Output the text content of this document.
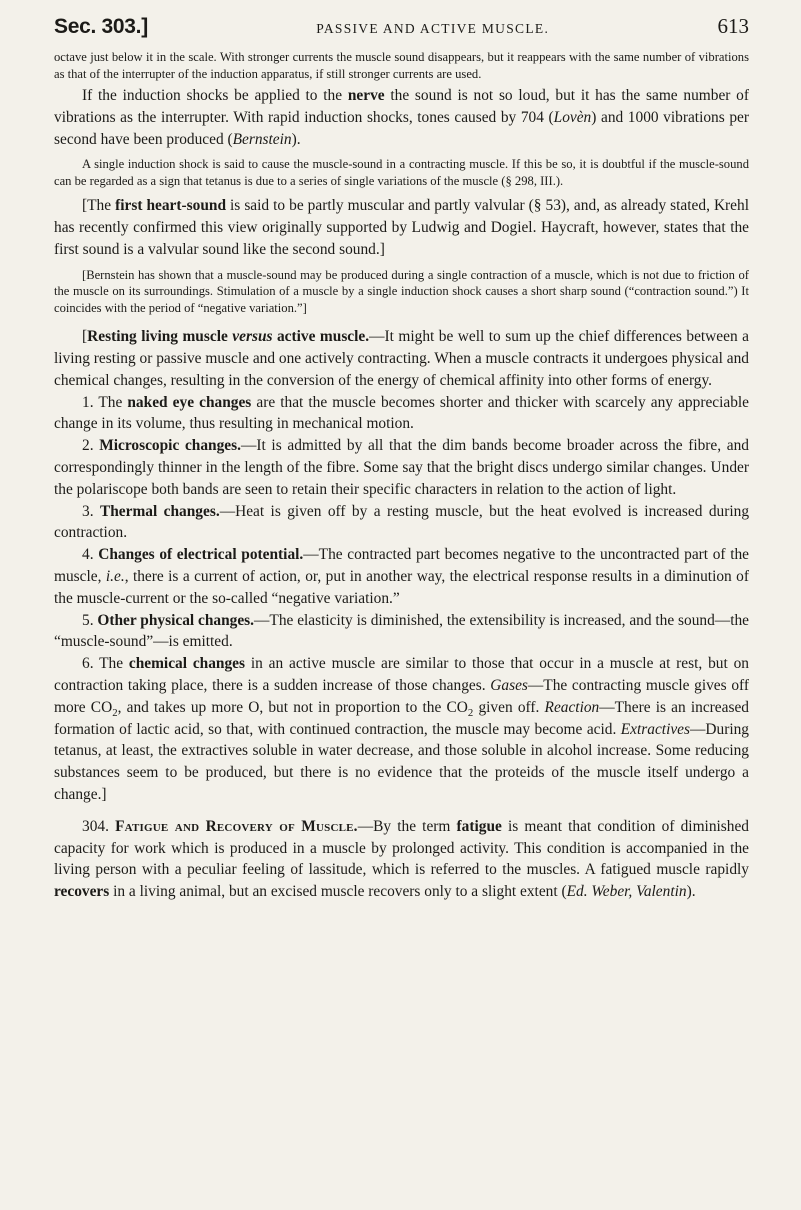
Sec. 303.]	PASSIVE AND ACTIVE MUSCLE.	613

octave just below it in the scale. With stronger currents the muscle sound disappears, but it reappears with the same number of vibrations as that of the interrupter of the induction apparatus, if still stronger currents are used.

If the induction shocks be applied to the nerve the sound is not so loud, but it has the same number of vibrations as the interrupter. With rapid induction shocks, tones caused by 704 (Lovèn) and 1000 vibrations per second have been produced (Bernstein).

A single induction shock is said to cause the muscle-sound in a contracting muscle. If this be so, it is doubtful if the muscle-sound can be regarded as a sign that tetanus is due to a series of single variations of the muscle (§ 298, III.).

[The first heart-sound is said to be partly muscular and partly valvular (§ 53), and, as already stated, Krehl has recently confirmed this view originally supported by Ludwig and Dogiel. Haycraft, however, states that the first sound is a valvular sound like the second sound.]

[Bernstein has shown that a muscle-sound may be produced during a single contraction of a muscle, which is not due to friction of the muscle on its surroundings. Stimulation of a muscle by a single induction shock causes a short sharp sound (“contraction sound.”) It coincides with the period of “negative variation.”]

[Resting living muscle versus active muscle.—It might be well to sum up the chief differences between a living resting or passive muscle and one actively contracting. When a muscle contracts it undergoes physical and chemical changes, resulting in the conversion of the energy of chemical affinity into other forms of energy.

1. The naked eye changes are that the muscle becomes shorter and thicker with scarcely any appreciable change in its volume, thus resulting in mechanical motion.

2. Microscopic changes.—It is admitted by all that the dim bands become broader across the fibre, and correspondingly thinner in the length of the fibre. Some say that the bright discs undergo similar changes. Under the polariscope both bands are seen to retain their specific characters in relation to the action of light.

3. Thermal changes.—Heat is given off by a resting muscle, but the heat evolved is increased during contraction.

4. Changes of electrical potential.—The contracted part becomes negative to the uncontracted part of the muscle, i.e., there is a current of action, or, put in another way, the electrical response results in a diminution of the muscle-current or the so-called “negative variation.”

5. Other physical changes.—The elasticity is diminished, the extensibility is increased, and the sound—the “muscle-sound”—is emitted.

6. The chemical changes in an active muscle are similar to those that occur in a muscle at rest, but on contraction taking place, there is a sudden increase of those changes. Gases—The contracting muscle gives off more $CO_2$, and takes up more O, but not in proportion to the $CO_2$ given off. Reaction—There is an increased formation of lactic acid, so that, with continued contraction, the muscle may become acid. Extractives—During tetanus, at least, the extractives soluble in water decrease, and those soluble in alcohol increase. Some reducing substances seem to be produced, but there is no evidence that the proteids of the muscle itself undergo a change.]

304. Fatigue and Recovery of Muscle.—By the term fatigue is meant that condition of diminished capacity for work which is produced in a muscle by prolonged activity. This condition is accompanied in the living person with a peculiar feeling of lassitude, which is referred to the muscles. A fatigued muscle rapidly recovers in a living animal, but an excised muscle recovers only to a slight extent (Ed. Weber, Valentin).
